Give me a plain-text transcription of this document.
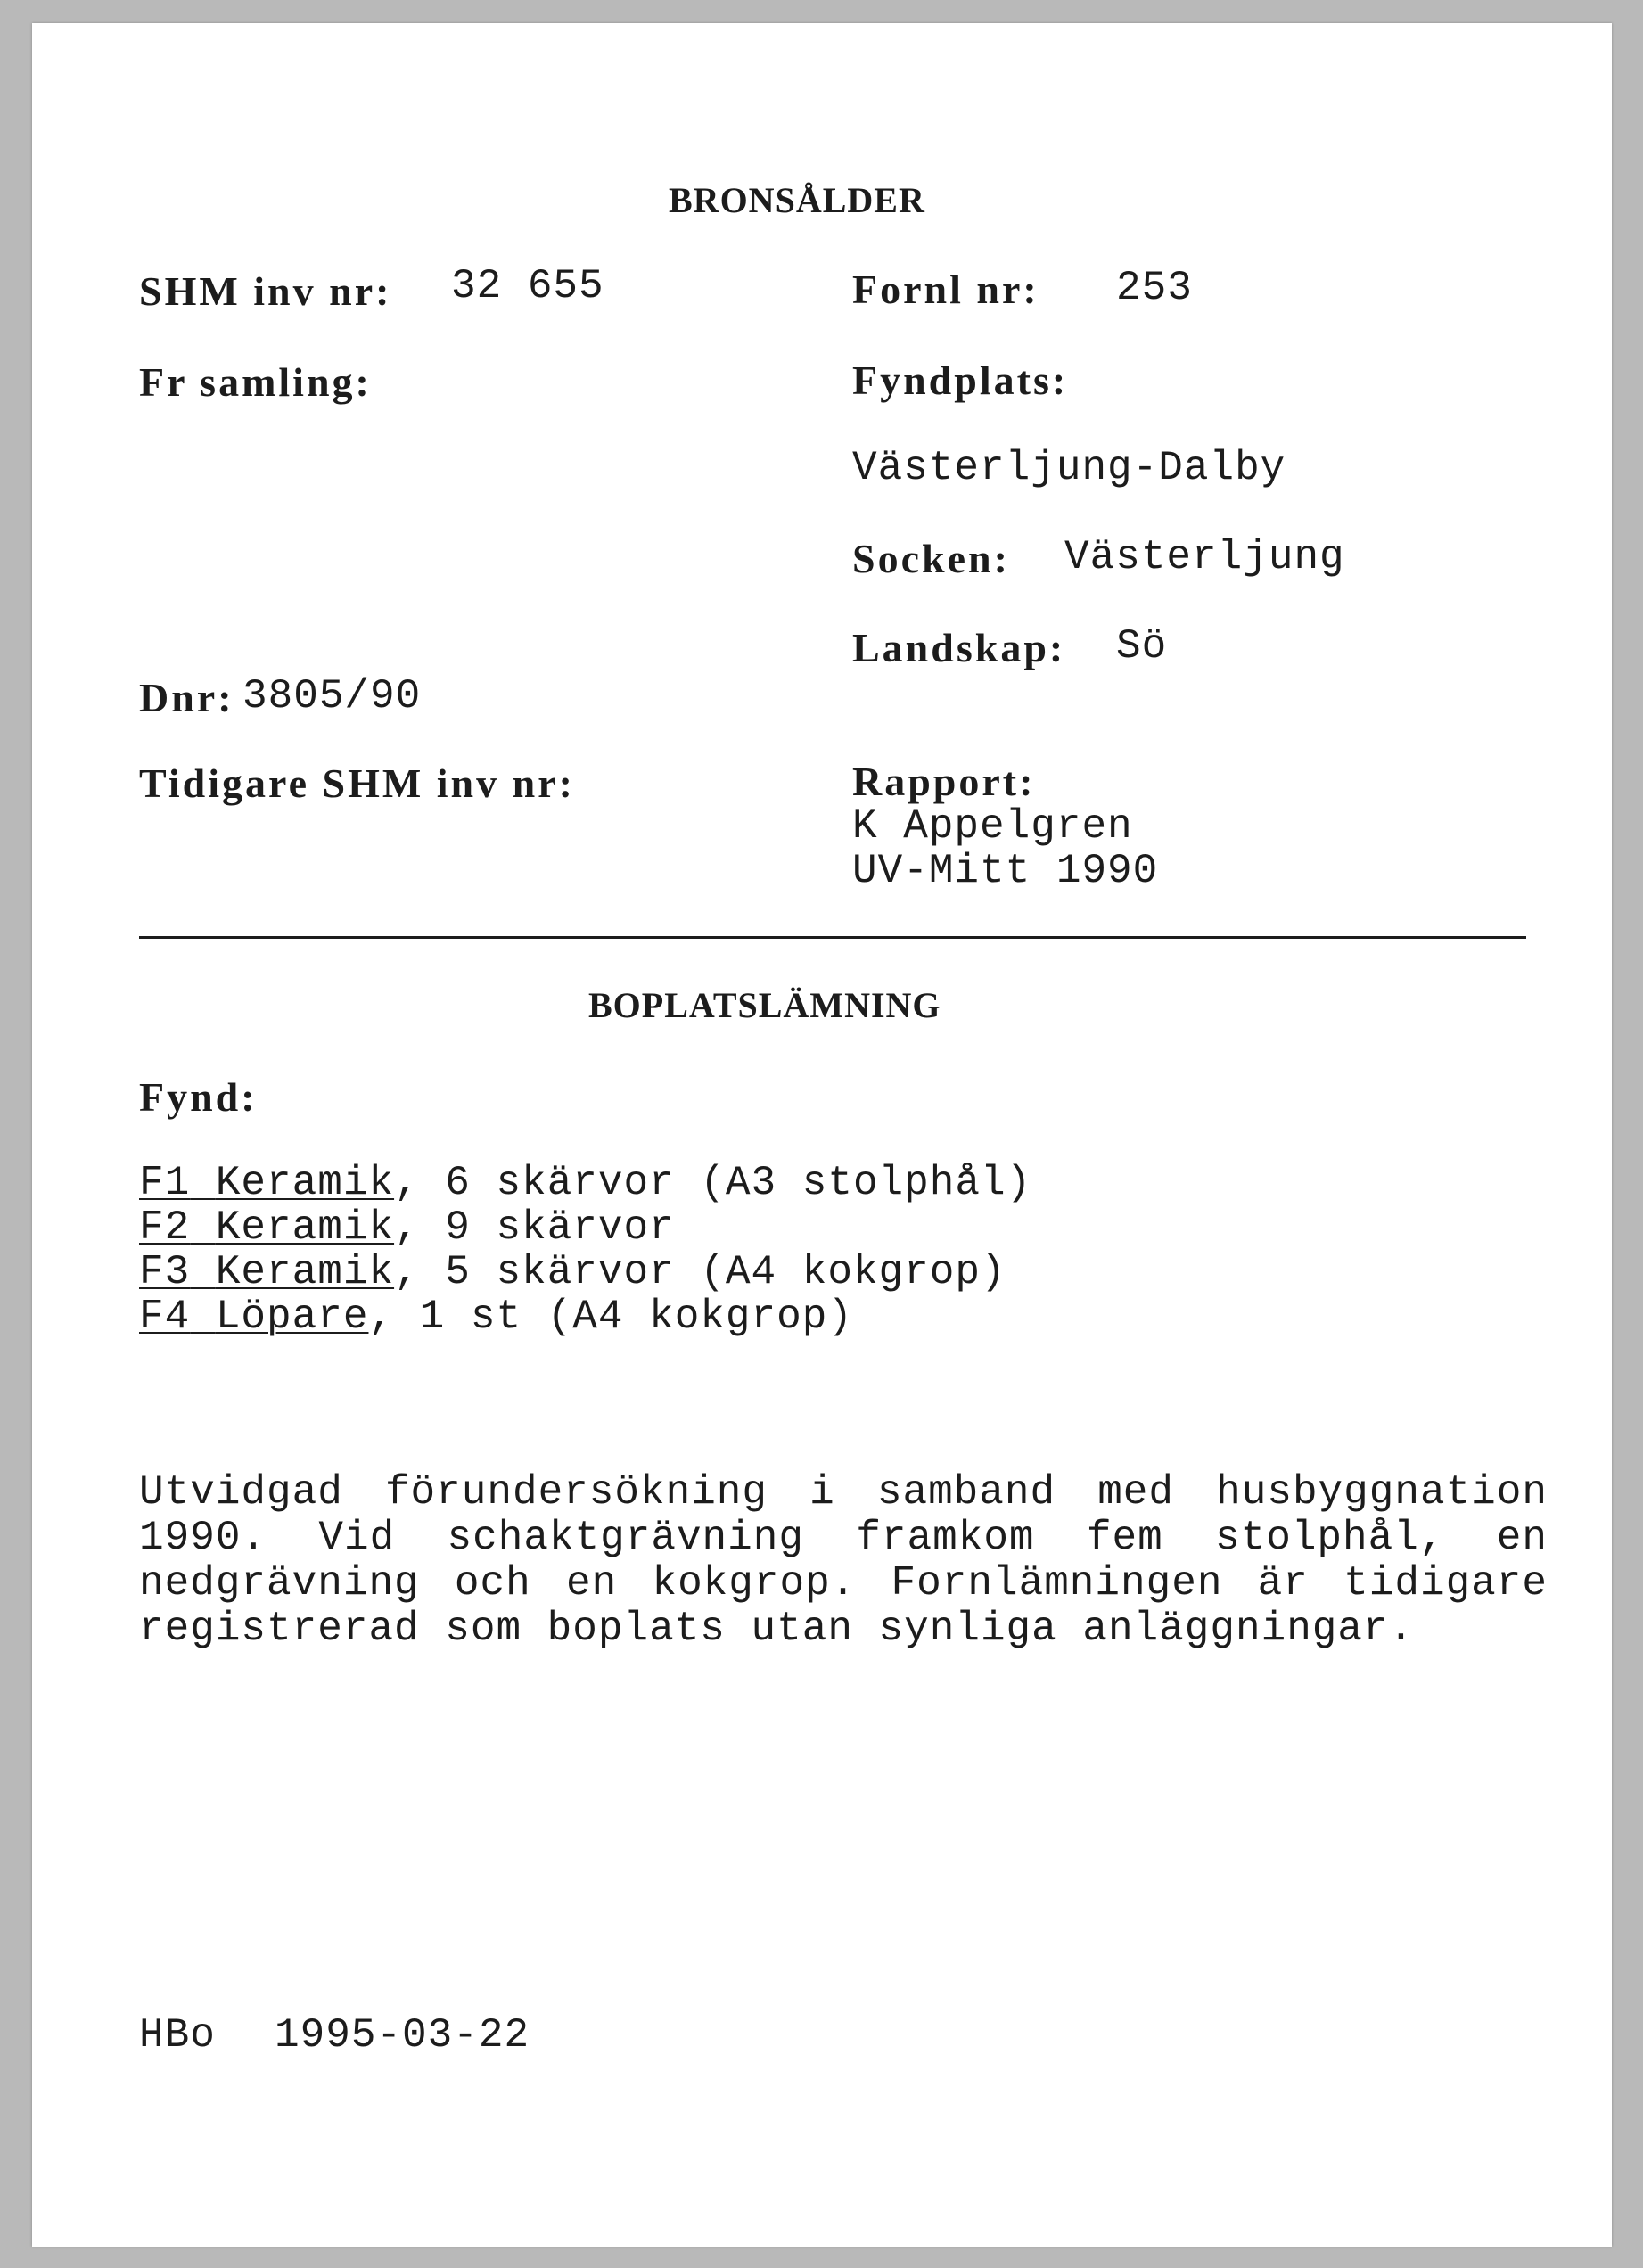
BRONSÅLDER
SHM inv nr: 32 655
Fr samling:
Dnr: 3805/90
Tidigare SHM inv nr:
Fornl nr: 253
Fyndplats:
Västerljung-Dalby
Socken: Västerljung
Landskap: Sö
Rapport:
K Appelgren
UV-Mitt 1990
BOPLATSLÄMNING
Fynd:
F1 Keramik, 6 skärvor (A3 stolphål)
F2 Keramik, 9 skärvor
F3 Keramik, 5 skärvor (A4 kokgrop)
F4 Löpare, 1 st (A4 kokgrop)
Utvidgad förundersökning i samband med husbyggnation 1990. Vid schaktgrävning framkom fem stolphål, en nedgrävning och en kokgrop. Fornlämningen är tidigare registrerad som boplats utan synliga anläggningar.
HBo 1995-03-22
